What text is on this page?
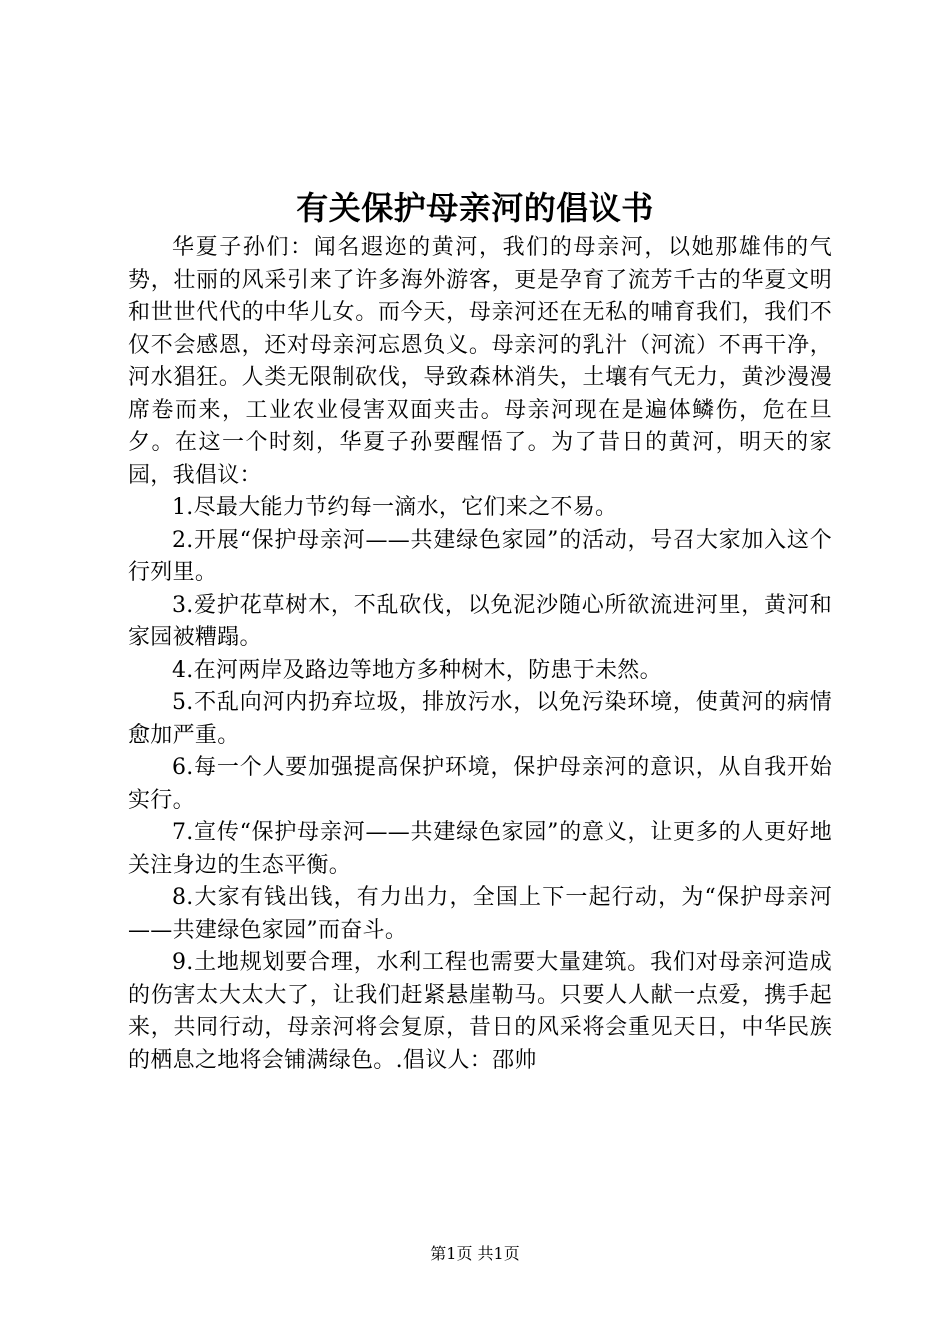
有关保护母亲河的倡议书

华夏子孙们：闻名遐迩的黄河，我们的母亲河，以她那雄伟的气势，壮丽的风采引来了许多海外游客，更是孕育了流芳千古的华夏文明和世世代代的中华儿女。而今天，母亲河还在无私的哺育我们，我们不仅不会感恩，还对母亲河忘恩负义。母亲河的乳汁（河流）不再干净，河水猖狂。人类无限制砍伐，导致森林消失，土壤有气无力，黄沙漫漫席卷而来，工业农业侵害双面夹击。母亲河现在是遍体鳞伤，危在旦夕。在这一个时刻，华夏子孙要醒悟了。为了昔日的黄河，明天的家园，我倡议：

1.尽最大能力节约每一滴水，它们来之不易。

2.开展“保护母亲河——共建绿色家园”的活动，号召大家加入这个行列里。

3.爱护花草树木，不乱砍伐，以免泥沙随心所欲流进河里，黄河和家园被糟蹋。

4.在河两岸及路边等地方多种树木，防患于未然。

5.不乱向河内扔弃垃圾，排放污水，以免污染环境，使黄河的病情愈加严重。

6.每一个人要加强提高保护环境，保护母亲河的意识，从自我开始实行。

7.宣传“保护母亲河——共建绿色家园”的意义，让更多的人更好地关注身边的生态平衡。

8.大家有钱出钱，有力出力，全国上下一起行动，为“保护母亲河——共建绿色家园”而奋斗。

9.土地规划要合理，水利工程也需要大量建筑。我们对母亲河造成的伤害太大太大了，让我们赶紧悬崖勒马。只要人人献一点爱，携手起来，共同行动，母亲河将会复原，昔日的风采将会重见天日，中华民族的栖息之地将会铺满绿色。.倡议人：邵帅

第1页 共1页
